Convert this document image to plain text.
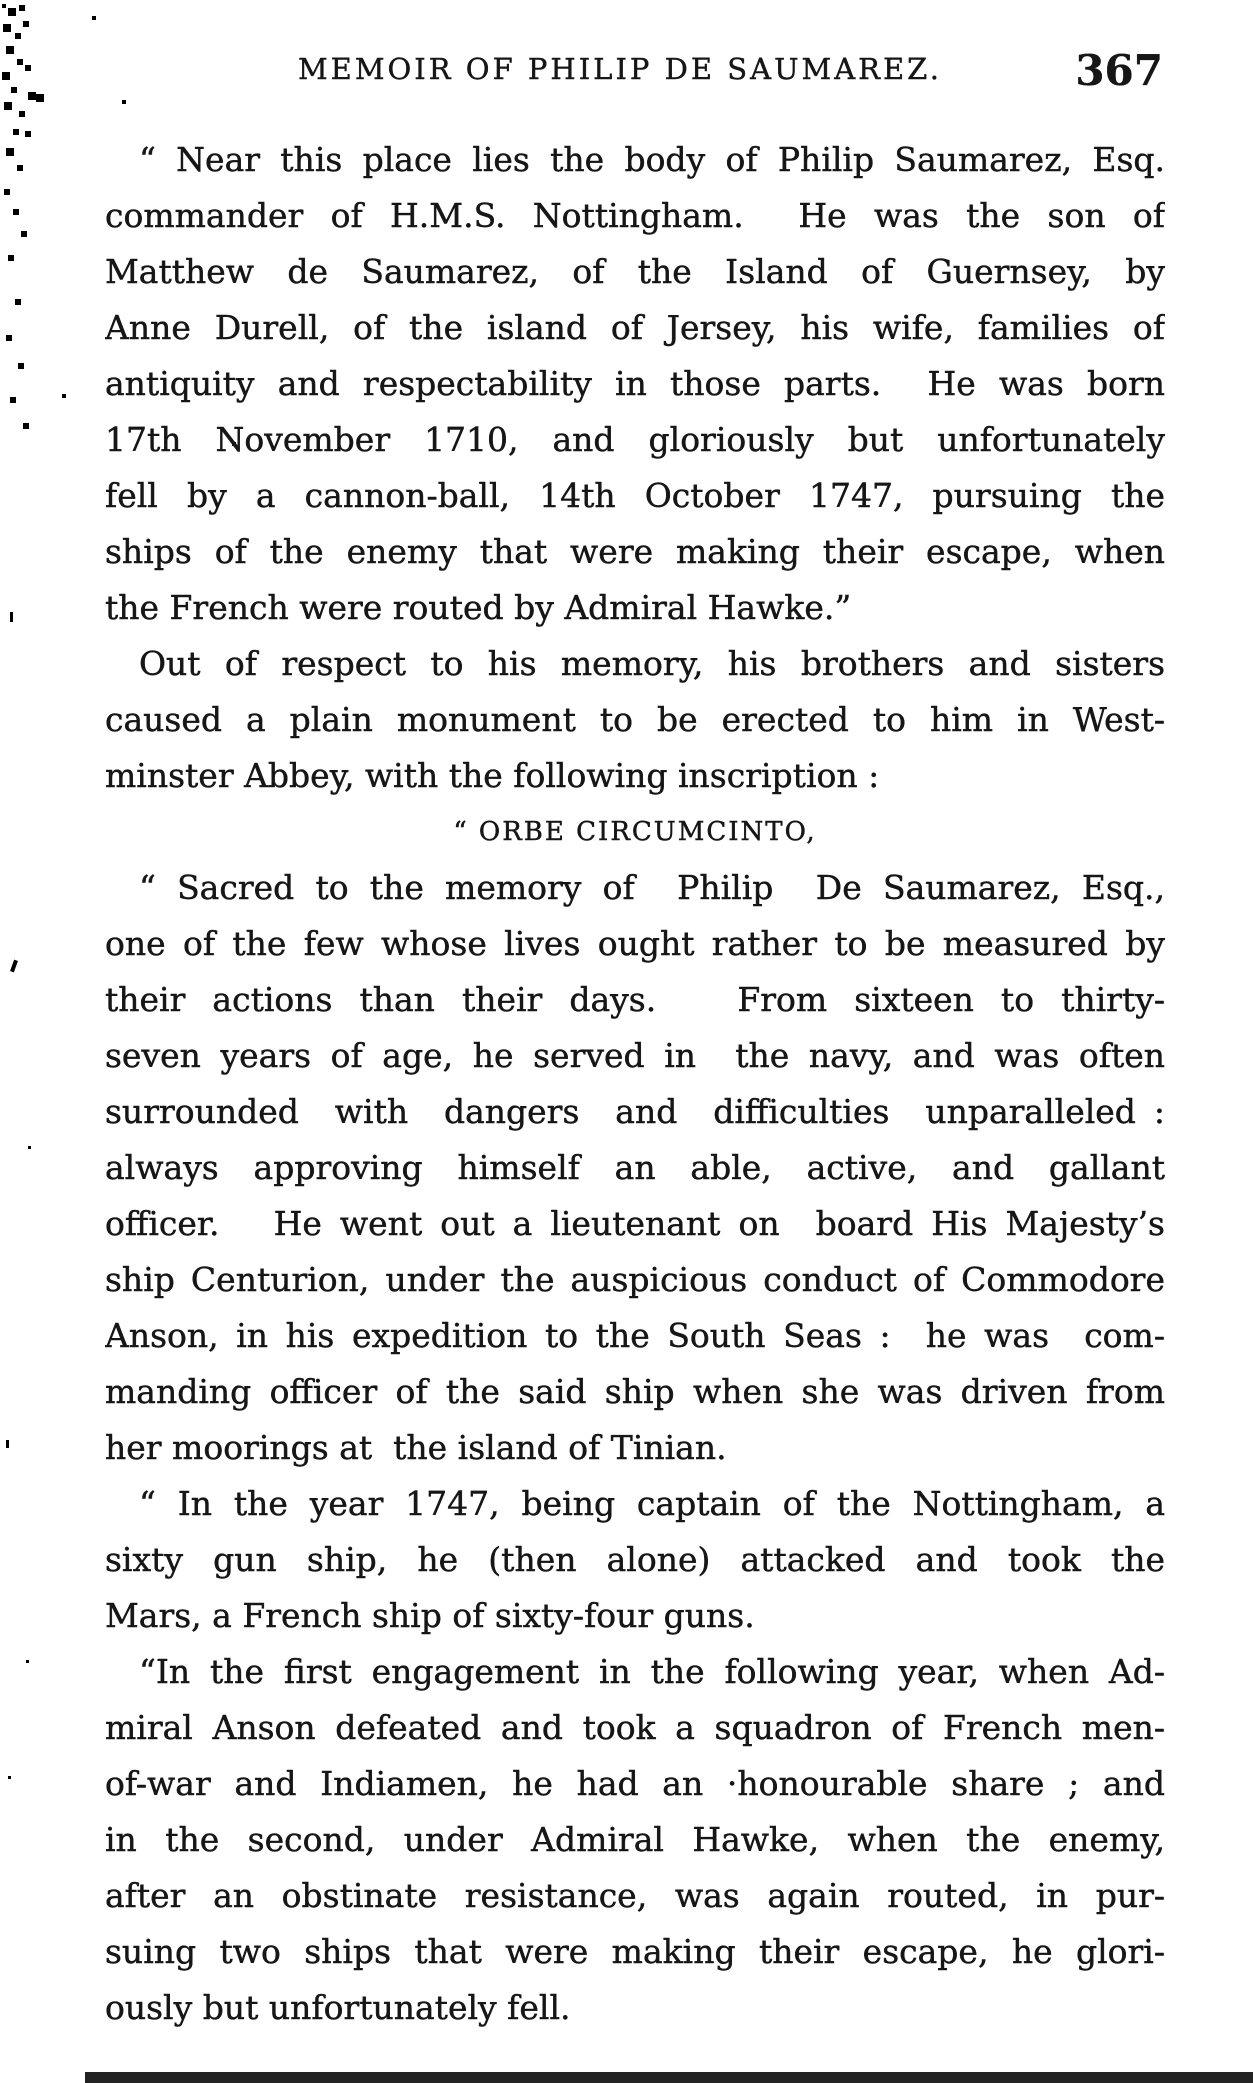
MEMOIR OF PHILIP DE SAUMAREZ.	367
“ Near this place lies the body of Philip Saumarez, Esq.
commander of H.M.S. Nottingham.  He was the son of
Matthew de Saumarez, of the Island of Guernsey, by
Anne Durell, of the island of Jersey, his wife, families of
antiquity and respectability in those parts.  He was born
17th November 1710, and gloriously but unfortunately
fell by a cannon-ball, 14th October 1747, pursuing the
ships of the enemy that were making their escape, when
the French were routed by Admiral Hawke.”
Out of respect to his memory, his brothers and sisters
caused a plain monument to be erected to him in West-
minster Abbey, with the following inscription :
“ ORBE CIRCUMCINTO,
“ Sacred to the memory of  Philip  De Saumarez, Esq.,
one of the few whose lives ought rather to be measured by
their actions than their days.   From sixteen to thirty-
seven years of age, he served in  the navy, and was often
surrounded  with  dangers  and  difficulties  unparalleled :
always approving himself an able, active, and gallant
officer.   He went out a lieutenant on  board His Majesty’s
ship Centurion, under the auspicious conduct of Commodore
Anson, in his expedition to the South Seas :  he was  com-
manding officer of the said ship when she was driven from
her moorings at  the island of Tinian.
“ In the year 1747, being captain of the Nottingham, a
sixty gun ship, he (then alone) attacked and took the
Mars, a French ship of sixty-four guns.
“In the first engagement in the following year, when Ad-
miral Anson defeated and took a squadron of French men-
of-war and Indiamen, he had an ·honourable share ; and
in the second, under Admiral Hawke, when the enemy,
after an obstinate resistance, was again routed, in pur-
suing two ships that were making their escape, he glori-
ously but unfortunately fell.
